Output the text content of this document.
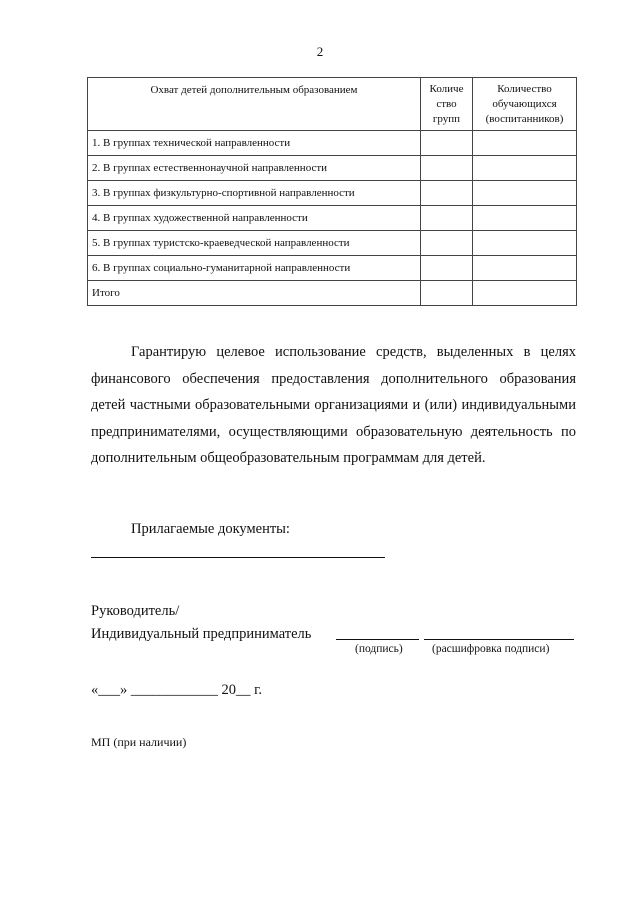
2
Охват детей дополнительным образованием	Количе ство групп	Количество обучающихся (воспитанников)
1. В группах технической направленности		
2. В группах естественнонаучной направленности		
3. В группах физкультурно-спортивной направленности		
4. В группах художественной направленности		
5. В группах туристско-краеведческой направленности		
6. В группах социально-гуманитарной направленности		
Итого		

Гарантирую целевое использование средств, выделенных в целях финансового обеспечения предоставления дополнительного образования детей частными образовательными организациями и (или) индивидуальными предпринимателями, осуществляющими образовательную деятельность по дополнительным общеобразовательным программам для детей.

Прилагаемые документы:
Руководитель/
Индивидуальный предприниматель
(подпись)	(расшифровка подписи)
«___» ____________ 20__ г.
МП (при наличии)
